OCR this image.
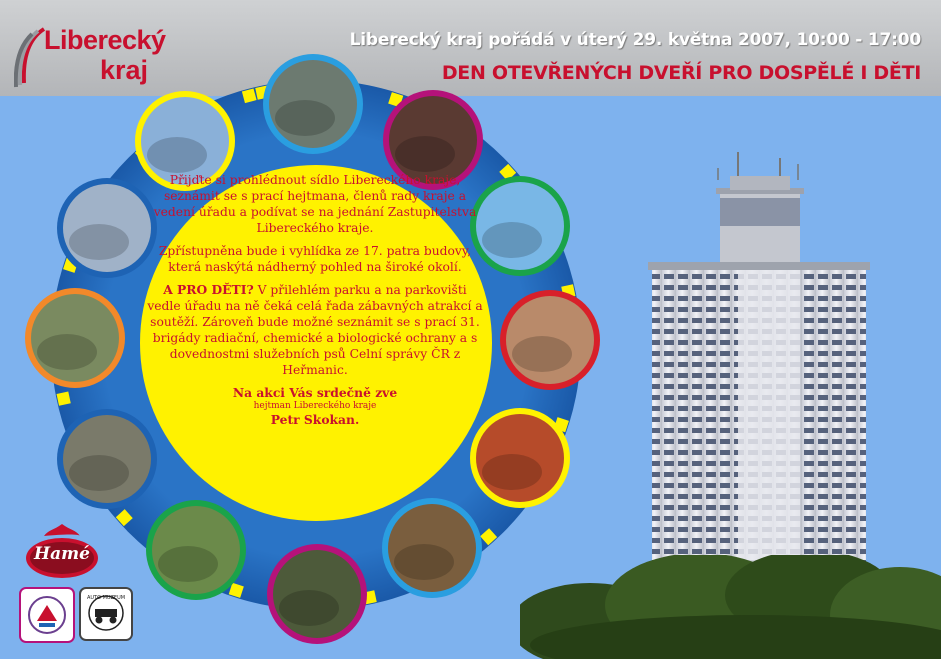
Liberecký
kraj
Liberecký kraj pořádá v úterý 29. května 2007, 10:00 - 17:00
DEN OTEVŘENÝCH DVEŘÍ PRO DOSPĚLÉ I DĚTI

Přijďte si prohlédnout sídlo Libereckého kraje, seznámit se s prací hejtmana, členů rady kraje a vedení úřadu a podívat se na jednání Zastupitelstva Libereckého kraje.

Zpřístupněna bude i vyhlídka ze 17. patra budovy, která naskýtá nádherný pohled na široké okolí.

A PRO DĚTI? V přilehlém parku a na parkovišti vedle úřadu na ně čeká celá řada zábavných atrakcí a soutěží. Zároveň bude možné seznámit se s prací 31. brigády radiační, chemické a biologické ochrany a s dovednostmi služebních psů Celní správy ČR z Heřmanic.

Na akci Vás srdečně zve
hejtman Libereckého kraje
Petr Skokan.

Hamé
AUTO MUZEUM
